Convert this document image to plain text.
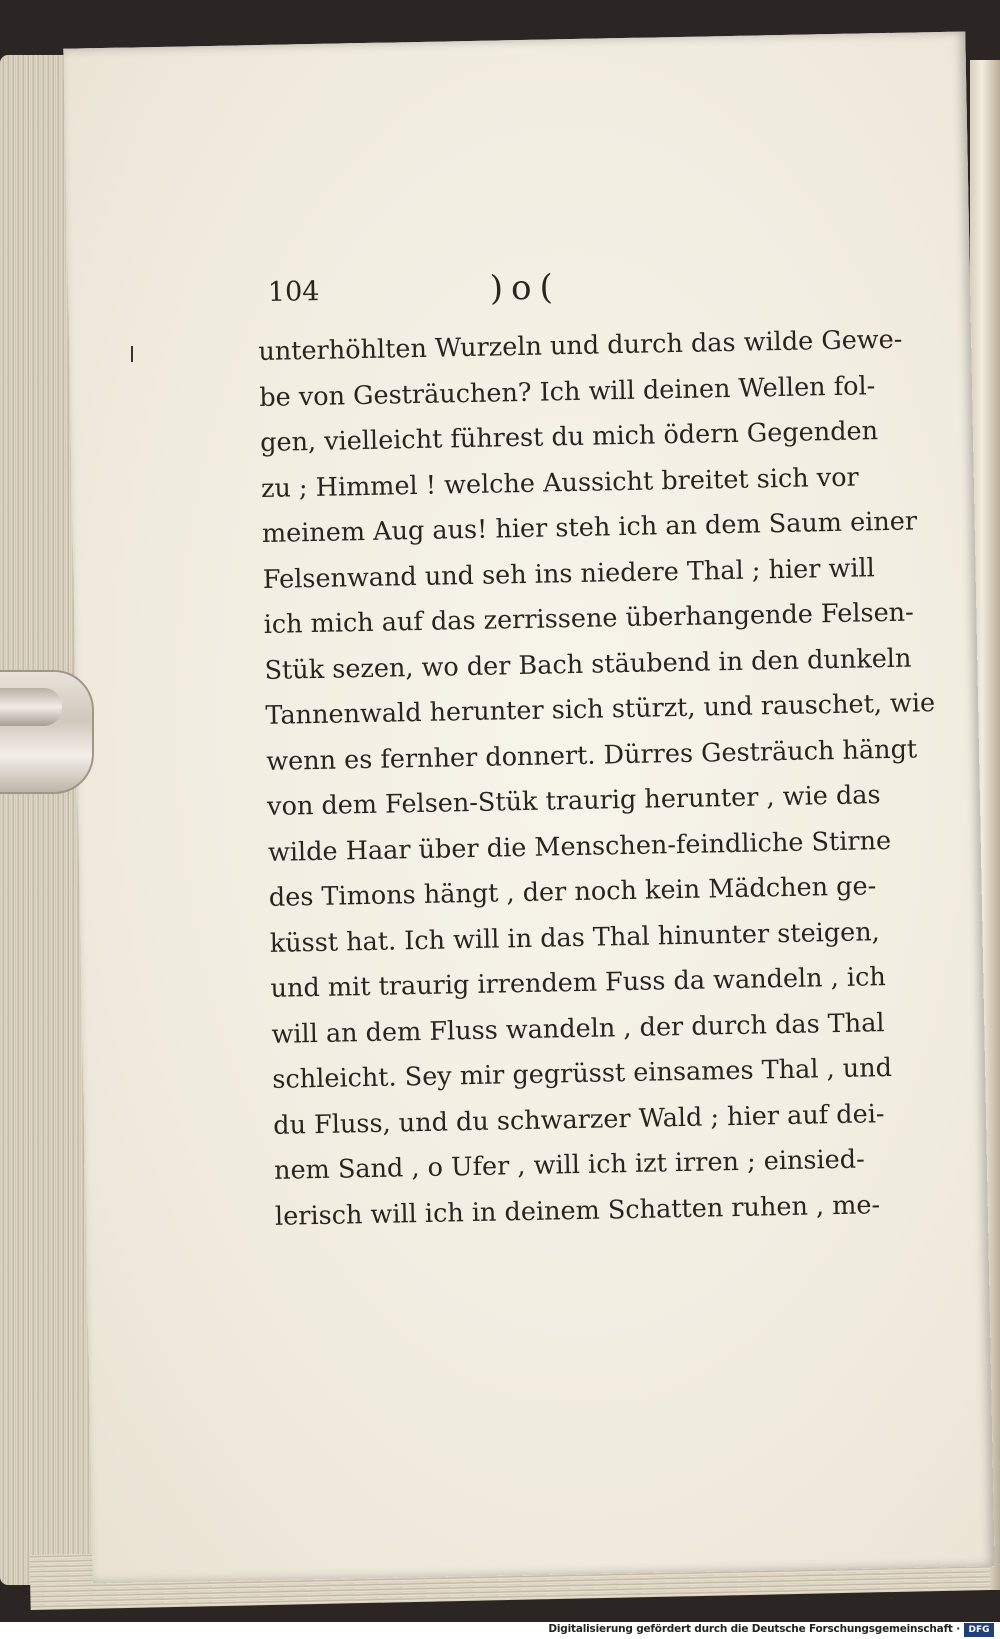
104	)o(
unterhöhlten Wurzeln und durch das wilde Gewe-
be von Gesträuchen? Ich will deinen Wellen fol-
gen, vielleicht führest du mich ödern Gegenden
zu ; Himmel ! welche Aussicht breitet sich vor
meinem Aug aus! hier steh ich an dem Saum einer
Felsenwand und seh ins niedere Thal ; hier will
ich mich auf das zerrissene überhangende Felsen-
Stük sezen, wo der Bach stäubend in den dunkeln
Tannenwald herunter sich stürzt, und rauschet, wie
wenn es fernher donnert. Dürres Gesträuch hängt
von dem Felsen-Stük traurig herunter , wie das
wilde Haar über die Menschen-feindliche Stirne
des Timons hängt , der noch kein Mädchen ge-
küsst hat. Ich will in das Thal hinunter steigen,
und mit traurig irrendem Fuss da wandeln , ich
will an dem Fluss wandeln , der durch das Thal
schleicht. Sey mir gegrüsst einsames Thal , und
du Fluss, und du schwarzer Wald ; hier auf dei-
nem Sand , o Ufer , will ich izt irren ; einsied-
lerisch will ich in deinem Schatten ruhen , me-
Digitalisierung gefördert durch die Deutsche Forschungsgemeinschaft · DFG
